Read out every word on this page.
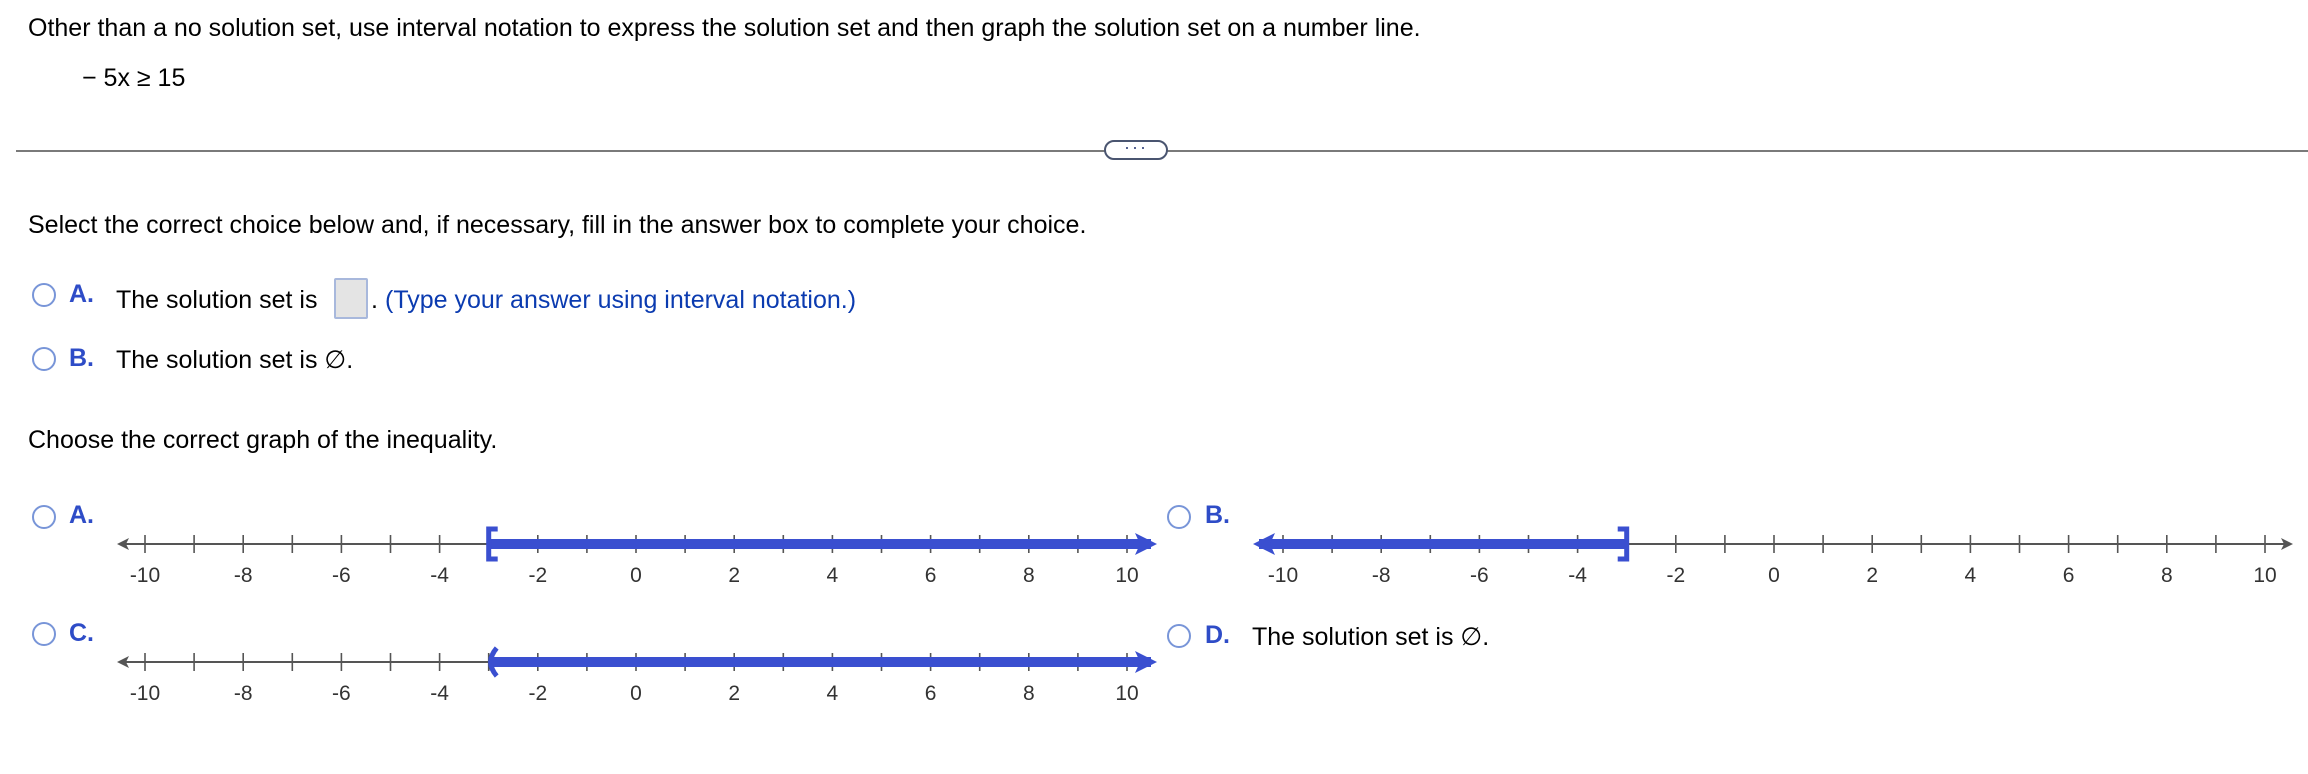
Other than a no solution set, use interval notation to express the solution set and then graph the solution set on a number line.
− 5x ≥ 15
···
Select the correct choice below and, if necessary, fill in the answer box to complete your choice.
A. The solution set is . (Type your answer using interval notation.)
B. The solution set is ∅.
Choose the correct graph of the inequality.
A.
-10	-8	-6	-4	-2	0	2	4	6	8	10
B.
-10	-8	-6	-4	-2	0	2	4	6	8	10
C.
-10	-8	-6	-4	-2	0	2	4	6	8	10
D. The solution set is ∅.
